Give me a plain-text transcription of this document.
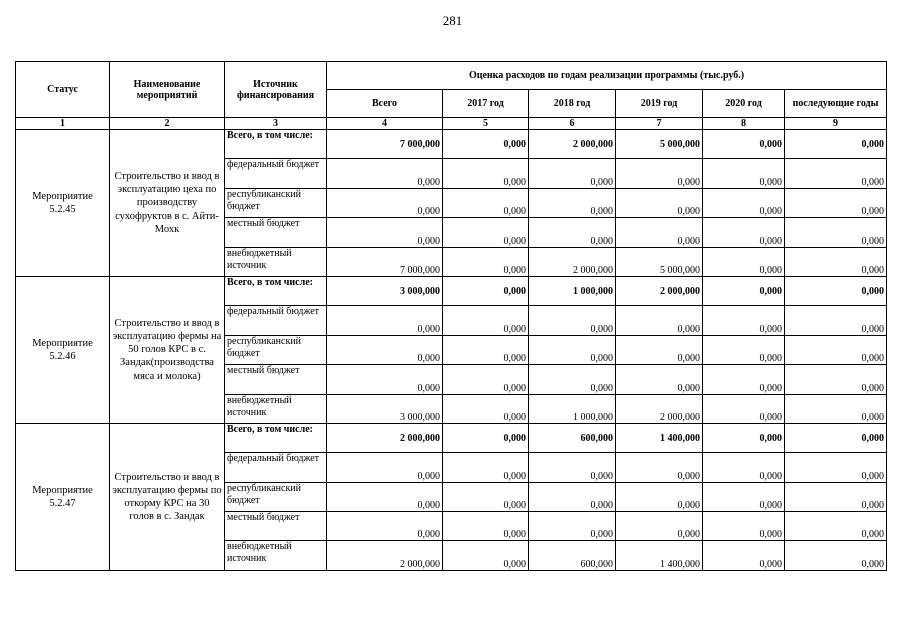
281
Статус	Наименование мероприятий	Источник финансирования	Оценка расходов по годам реализации программы (тыс.руб.)					
			Всего	2017 год	2018 год	2019 год	2020 год	последующие годы
1	2	3	4	5	6	7	8	9
Мероприятие 5.2.45	Строительство и ввод в эксплуатацию цеха по производству сухофруктов в с. Айти-Мохк	Всего, в том числе:	7 000,000	0,000	2 000,000	5 000,000	0,000	0,000
		федеральный бюджет	0,000	0,000	0,000	0,000	0,000	0,000
		республиканский бюджет	0,000	0,000	0,000	0,000	0,000	0,000
		местный бюджет	0,000	0,000	0,000	0,000	0,000	0,000
		внебюджетный источник	7 000,000	0,000	2 000,000	5 000,000	0,000	0,000
Мероприятие 5.2.46	Строительство и ввод в эксплуатацию фермы на 50 голов КРС в с. Зандак(производства мяса и молока)	Всего, в том числе:	3 000,000	0,000	1 000,000	2 000,000	0,000	0,000
		федеральный бюджет	0,000	0,000	0,000	0,000	0,000	0,000
		республиканский бюджет	0,000	0,000	0,000	0,000	0,000	0,000
		местный бюджет	0,000	0,000	0,000	0,000	0,000	0,000
		внебюджетный источник	3 000,000	0,000	1 000,000	2 000,000	0,000	0,000
Мероприятие 5.2.47	Строительство и ввод в эксплуатацию фермы по откорму КРС на 30 голов в с. Зандак	Всего, в том числе:	2 000,000	0,000	600,000	1 400,000	0,000	0,000
		федеральный бюджет	0,000	0,000	0,000	0,000	0,000	0,000
		республиканский бюджет	0,000	0,000	0,000	0,000	0,000	0,000
		местный бюджет	0,000	0,000	0,000	0,000	0,000	0,000
		внебюджетный источник	2 000,000	0,000	600,000	1 400,000	0,000	0,000
